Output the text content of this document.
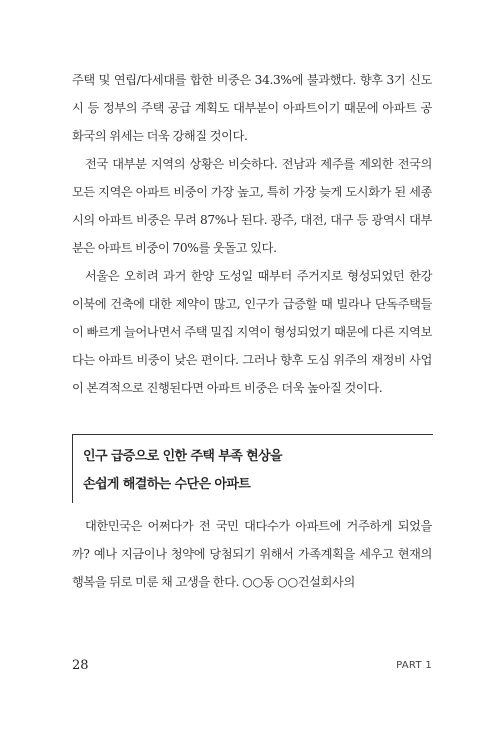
주택 및 연립/다세대를 합한 비중은 34.3%에 불과했다. 향후 3기 신도시 등 정부의 주택 공급 계획도 대부분이 아파트이기 때문에 아파트 공화국의 위세는 더욱 강해질 것이다.

전국 대부분 지역의 상황은 비슷하다. 전남과 제주를 제외한 전국의 모든 지역은 아파트 비중이 가장 높고, 특히 가장 늦게 도시화가 된 세종시의 아파트 비중은 무려 87%나 된다. 광주, 대전, 대구 등 광역시 대부분은 아파트 비중이 70%를 웃돌고 있다.

서울은 오히려 과거 한양 도성일 때부터 주거지로 형성되었던 한강 이북에 건축에 대한 제약이 많고, 인구가 급증할 때 빌라나 단독주택들이 빠르게 늘어나면서 주택 밀집 지역이 형성되었기 때문에 다른 지역보다는 아파트 비중이 낮은 편이다. 그러나 향후 도심 위주의 재정비 사업이 본격적으로 진행된다면 아파트 비중은 더욱 높아질 것이다.

인구 급증으로 인한 주택 부족 현상을
손쉽게 해결하는 수단은 아파트

대한민국은 어쩌다가 전 국민 대다수가 아파트에 거주하게 되었을까? 예나 지금이나 청약에 당첨되기 위해서 가족계획을 세우고 현재의 행복을 뒤로 미룬 채 고생을 한다. ○○동 ○○건설회사의

28	PART 1
